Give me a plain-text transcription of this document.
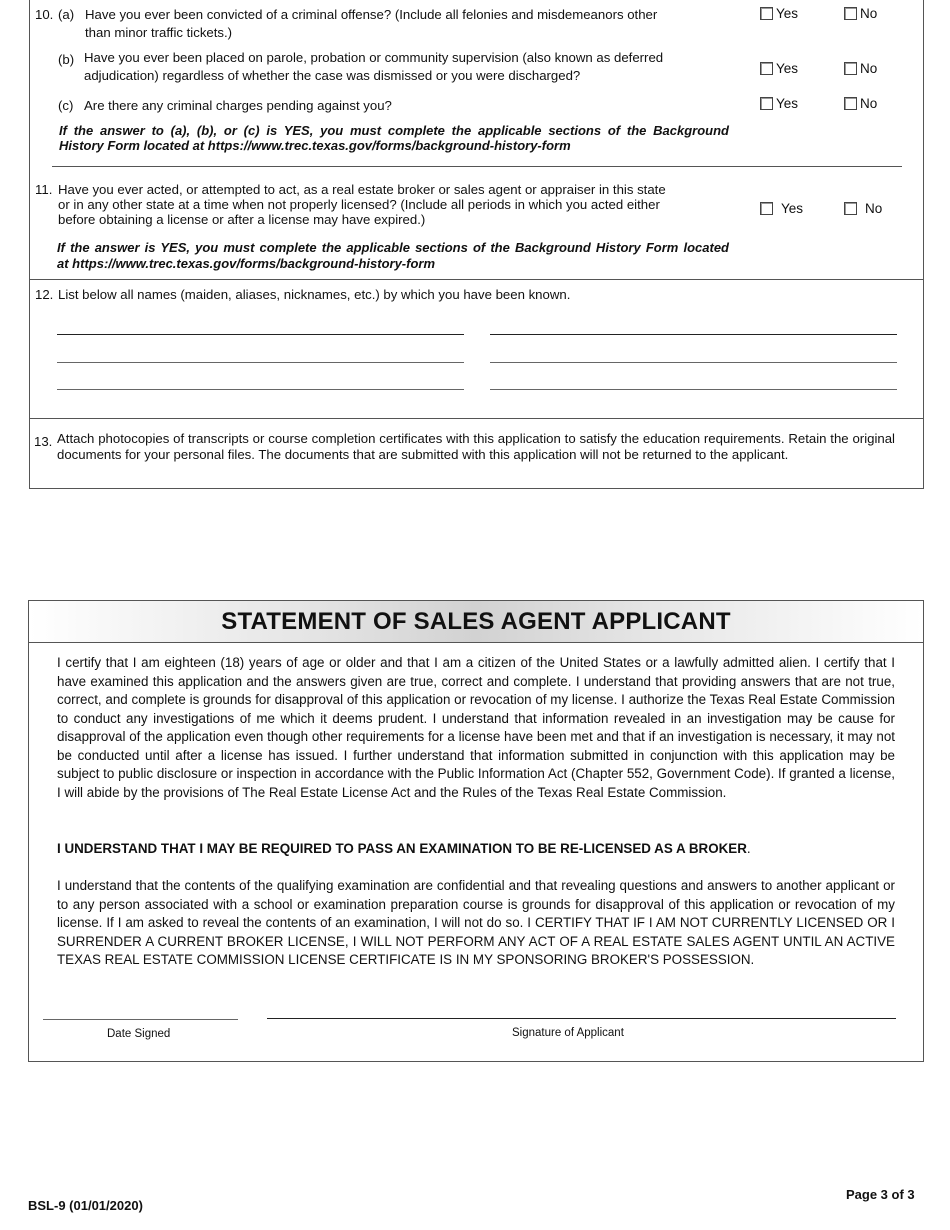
10. (a) Have you ever been convicted of a criminal offense? (Include all felonies and misdemeanors other
than minor traffic tickets.)
Yes	No
(b) Have you ever been placed on parole, probation or community supervision (also known as deferred
adjudication) regardless of whether the case was dismissed or you were discharged?	Yes	No
(c) Are there any criminal charges pending against you?	Yes	No
If the answer to (a), (b), or (c) is YES, you must complete the applicable sections of the Background
History Form located at https://www.trec.texas.gov/forms/background-history-form
11. Have you ever acted, or attempted to act, as a real estate broker or sales agent or appraiser in this state
or in any other state at a time when not properly licensed? (Include all periods in which you acted either
before obtaining a license or after a license may have expired.)
Yes	No
If the answer is YES, you must complete the applicable sections of the Background History Form located
at https://www.trec.texas.gov/forms/background-history-form
12. List below all names (maiden, aliases, nicknames, etc.) by which you have been known.
13. Attach photocopies of transcripts or course completion certificates with this application to satisfy the education requirements. Retain the original documents for your personal files. The documents that are submitted with this application will not be returned to the applicant.
STATEMENT OF SALES AGENT APPLICANT
I certify that I am eighteen (18) years of age or older and that I am a citizen of the United States or a lawfully admitted alien. I certify that I have examined this application and the answers given are true, correct and complete. I understand that providing answers that are not true, correct, and complete is grounds for disapproval of this application or revocation of my license. I authorize the Texas Real Estate Commission to conduct any investigations of me which it deems prudent. I understand that information revealed in an investigation may be cause for disapproval of the application even though other requirements for a license have been met and that if an investigation is necessary, it may not be conducted until after a license has issued. I further understand that information submitted in conjunction with this application may be subject to public disclosure or inspection in accordance with the Public Information Act (Chapter 552, Government Code). If granted a license, I will abide by the provisions of The Real Estate License Act and the Rules of the Texas Real Estate Commission.
I UNDERSTAND THAT I MAY BE REQUIRED TO PASS AN EXAMINATION TO BE RE-LICENSED AS A BROKER.
I understand that the contents of the qualifying examination are confidential and that revealing questions and answers to another applicant or to any person associated with a school or examination preparation course is grounds for disapproval of this application or revocation of my license. If I am asked to reveal the contents of an examination, I will not do so. I CERTIFY THAT IF I AM NOT CURRENTLY LICENSED OR I SURRENDER A CURRENT BROKER LICENSE, I WILL NOT PERFORM ANY ACT OF A REAL ESTATE SALES AGENT UNTIL AN ACTIVE TEXAS REAL ESTATE COMMISSION LICENSE CERTIFICATE IS IN MY SPONSORING BROKER'S POSSESSION.
Date Signed	Signature of Applicant
BSL-9 (01/01/2020)
Page 3 of 3
